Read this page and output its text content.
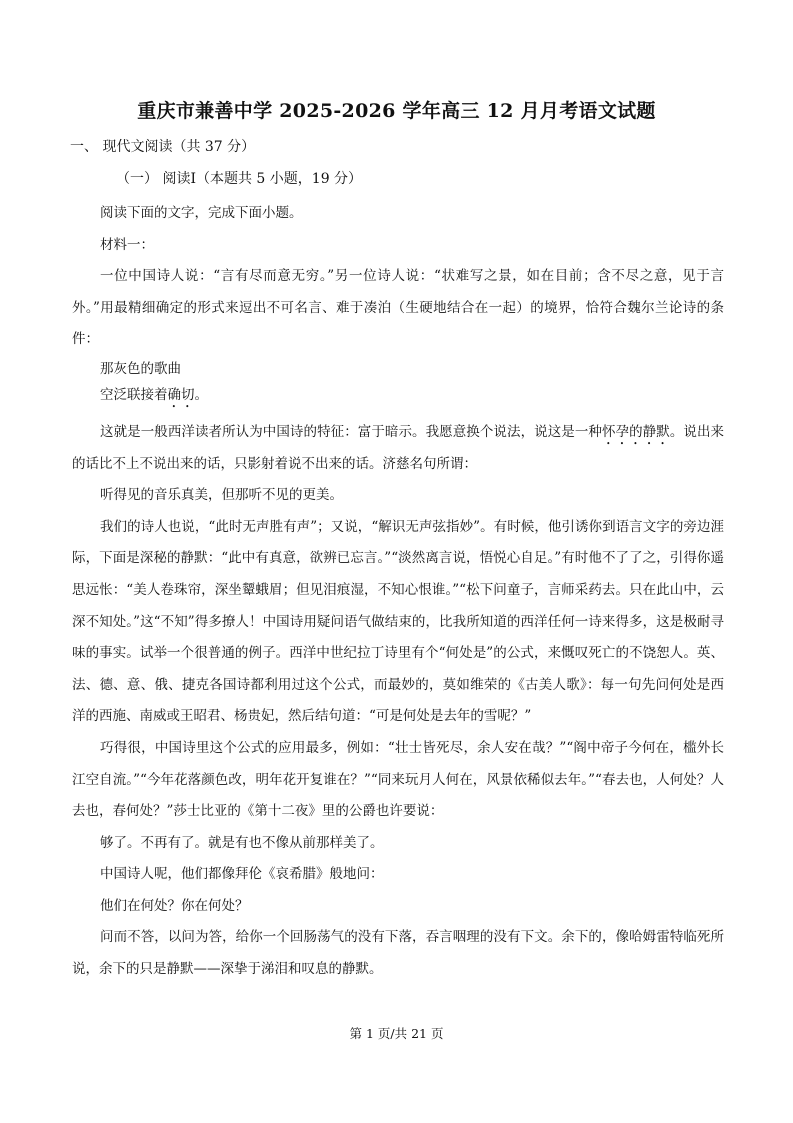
重庆市兼善中学 2025-2026 学年高三 12 月月考语文试题
一、 现代文阅读（共 37 分）
（一） 阅读Ⅰ（本题共 5 小题，19 分）

阅读下面的文字，完成下面小题。

材料一：

一位中国诗人说：“言有尽而意无穷。”另一位诗人说：“状难写之景，如在目前；含不尽之意，见于言外。”用最精细确定的形式来逗出不可名言、难于凑泊（生硬地结合在一起）的境界，恰符合魏尔兰论诗的条件：

那灰色的歌曲

空泛联接着确切。

这就是一般西洋读者所认为中国诗的特征：富于暗示。我愿意换个说法，说这是一种怀孕的静默。说出来的话比不上不说出来的话，只影射着说不出来的话。济慈名句所谓：

听得见的音乐真美，但那听不见的更美。

我们的诗人也说，“此时无声胜有声”；又说，“解识无声弦指妙”。有时候，他引诱你到语言文字的旁边涯际，下面是深秘的静默：“此中有真意，欲辨已忘言。”“淡然离言说，悟悦心自足。”有时他不了了之，引得你遥思远怅：“美人卷珠帘，深坐颦蛾眉；但见泪痕湿，不知心恨谁。”“松下问童子，言师采药去。只在此山中，云深不知处。”这“不知”得多撩人！中国诗用疑问语气做结束的，比我所知道的西洋任何一诗来得多，这是极耐寻味的事实。试举一个很普通的例子。西洋中世纪拉丁诗里有个“何处是”的公式，来慨叹死亡的不饶恕人。英、法、德、意、俄、捷克各国诗都利用过这个公式，而最妙的，莫如维荣的《古美人歌》：每一句先问何处是西洋的西施、南威或王昭君、杨贵妃，然后结句道：“可是何处是去年的雪呢？”

巧得很，中国诗里这个公式的应用最多，例如：“壮士皆死尽，余人安在哉？”“阁中帝子今何在，槛外长江空自流。”“今年花落颜色改，明年花开复谁在？”“同来玩月人何在，风景依稀似去年。”“春去也，人何处？人去也，春何处？”莎士比亚的《第十二夜》里的公爵也许要说：

够了。不再有了。就是有也不像从前那样美了。

中国诗人呢，他们都像拜伦《哀希腊》般地问：

他们在何处？你在何处？

问而不答，以问为答，给你一个回肠荡气的没有下落，吞言咽理的没有下文。余下的，像哈姆雷特临死所说，余下的只是静默——深挚于涕泪和叹息的静默。

第 1 页/共 21 页
